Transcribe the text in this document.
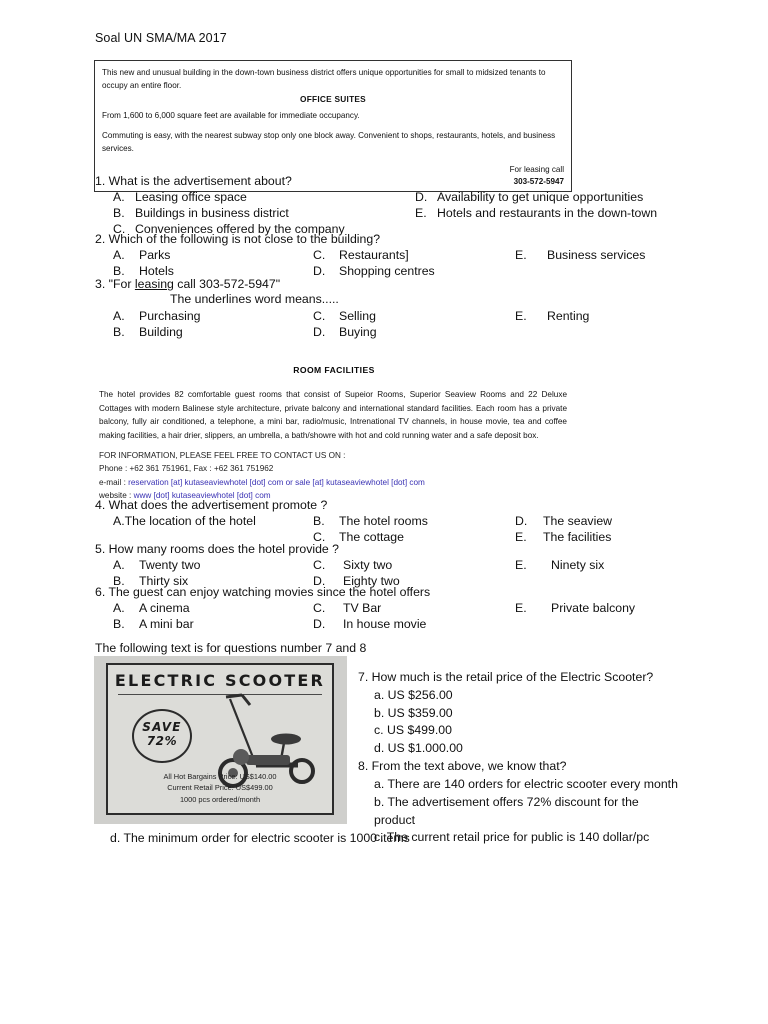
Soal UN SMA/MA 2017
This new and unusual building in the down-town business district offers unique opportunities for small to midsized tenants to occupy an entire floor.
OFFICE SUITES
From 1,600 to 6,000 square feet are available for immediate occupancy.
Commuting is easy, with the nearest subway stop only one block away. Convenient to shops, restaurants, hotels, and business services.
For leasing call
303-572-5947
1. What is the advertisement about?
A. Leasing office space
B. Buildings in business district
C. Conveniences offered by the company
D. Availability to get unique opportunities
E. Hotels and restaurants in the down-town
2. Which of the following is not close to the building?
A. Parks
B. Hotels
C. Restaurants]
D. Shopping centres
E. Business services
3. "For leasing call 303-572-5947"
The underlines word means.....
A. Purchasing
B. Building
C. Selling
D. Buying
E. Renting
ROOM FACILITIES
The hotel provides 82 comfortable guest rooms that consist of Supeior Rooms, Superior Seaview Rooms and 22 Deluxe Cottages with modern Balinese style architecture, private balcony and international standard facilities. Each room has a private balcony, fully air conditioned, a telephone, a mini bar, radio/music, Intrenational TV channels, in house movie, tea and coffee making facilities, a hair drier, slippers, an umbrella, a bath/showre with hot and cold running water and a safe deposit box.
FOR INFORMATION, PLEASE FEEL FREE TO CONTACT US ON :
Phone : +62 361 751961, Fax : +62 361 751962
e-mail : reservation [at] kutaseaviewhotel [dot] com or sale [at] kutaseaviewhotel [dot] com
website : www [dot] kutaseaviewhotel [dot] com
4. What does the advertisement promote ?
A.The location of the hotel	B. The hotel rooms
C. The cottage
D. The seaview
E. The facilities
5. How many rooms does the hotel provide ?
A. Twenty two
B. Thirty six
C. Sixty two
D. Eighty two
E. Ninety six
6. The guest can enjoy watching movies since the hotel offers
A. A cinema
B. A mini bar
C. TV Bar
D. In house movie
E. Private balcony
The following text is for questions number 7 and 8
ELECTRIC SCOOTER
SAVE
72%
All Hot Bargains Price: US$140.00
Current Retail Price: US$499.00
1000 pcs ordered/month
7. How much is the retail price of the Electric Scooter?
a. US $256.00
b. US $359.00
c. US $499.00
d. US $1.000.00
8. From the text above, we know that?
a. There are 140 orders for electric scooter every month
b. The advertisement offers 72% discount for the product
c. The current retail price for public is 140 dollar/pc
d. The minimum order for electric scooter is 1000 items
